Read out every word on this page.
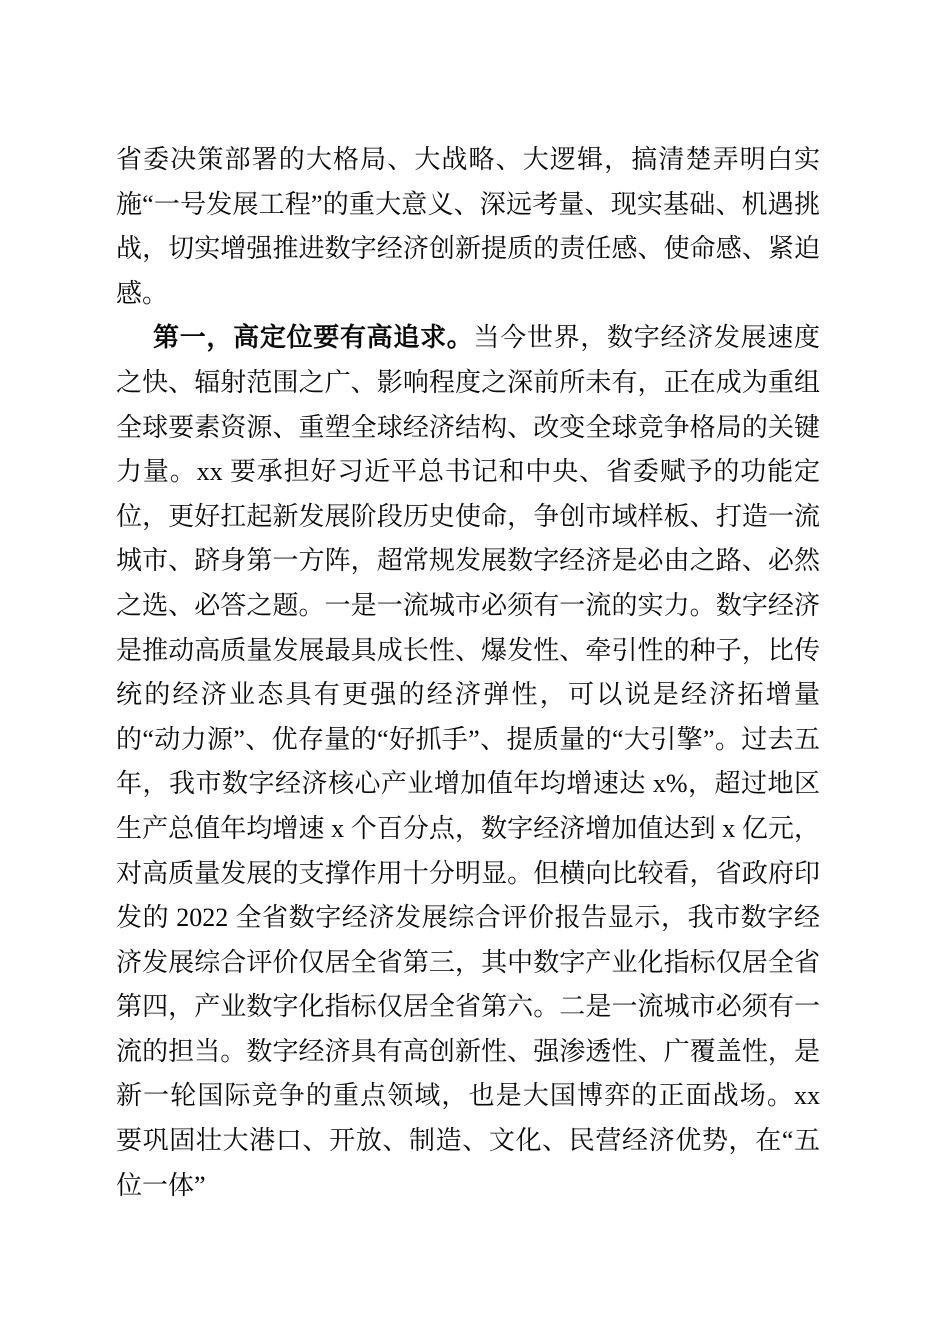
省委决策部署的大格局、大战略、大逻辑，搞清楚弄明白实施“一号发展工程”的重大意义、深远考量、现实基础、机遇挑战，切实增强推进数字经济创新提质的责任感、使命感、紧迫感。

第一，高定位要有高追求。当今世界，数字经济发展速度之快、辐射范围之广、影响程度之深前所未有，正在成为重组全球要素资源、重塑全球经济结构、改变全球竞争格局的关键力量。xx 要承担好习近平总书记和中央、省委赋予的功能定位，更好扛起新发展阶段历史使命，争创市域样板、打造一流城市、跻身第一方阵，超常规发展数字经济是必由之路、必然之选、必答之题。一是一流城市必须有一流的实力。数字经济是推动高质量发展最具成长性、爆发性、牵引性的种子，比传统的经济业态具有更强的经济弹性，可以说是经济拓增量的“动力源”、优存量的“好抓手”、提质量的“大引擎”。过去五年，我市数字经济核心产业增加值年均增速达 x%，超过地区生产总值年均增速 x 个百分点，数字经济增加值达到 x 亿元，对高质量发展的支撑作用十分明显。但横向比较看，省政府印发的 2022 全省数字经济发展综合评价报告显示，我市数字经济发展综合评价仅居全省第三，其中数字产业化指标仅居全省第四，产业数字化指标仅居全省第六。二是一流城市必须有一流的担当。数字经济具有高创新性、强渗透性、广覆盖性，是新一轮国际竞争的重点领域，也是大国博弈的正面战场。xx 要巩固壮大港口、开放、制造、文化、民营经济优势，在“五位一体”
